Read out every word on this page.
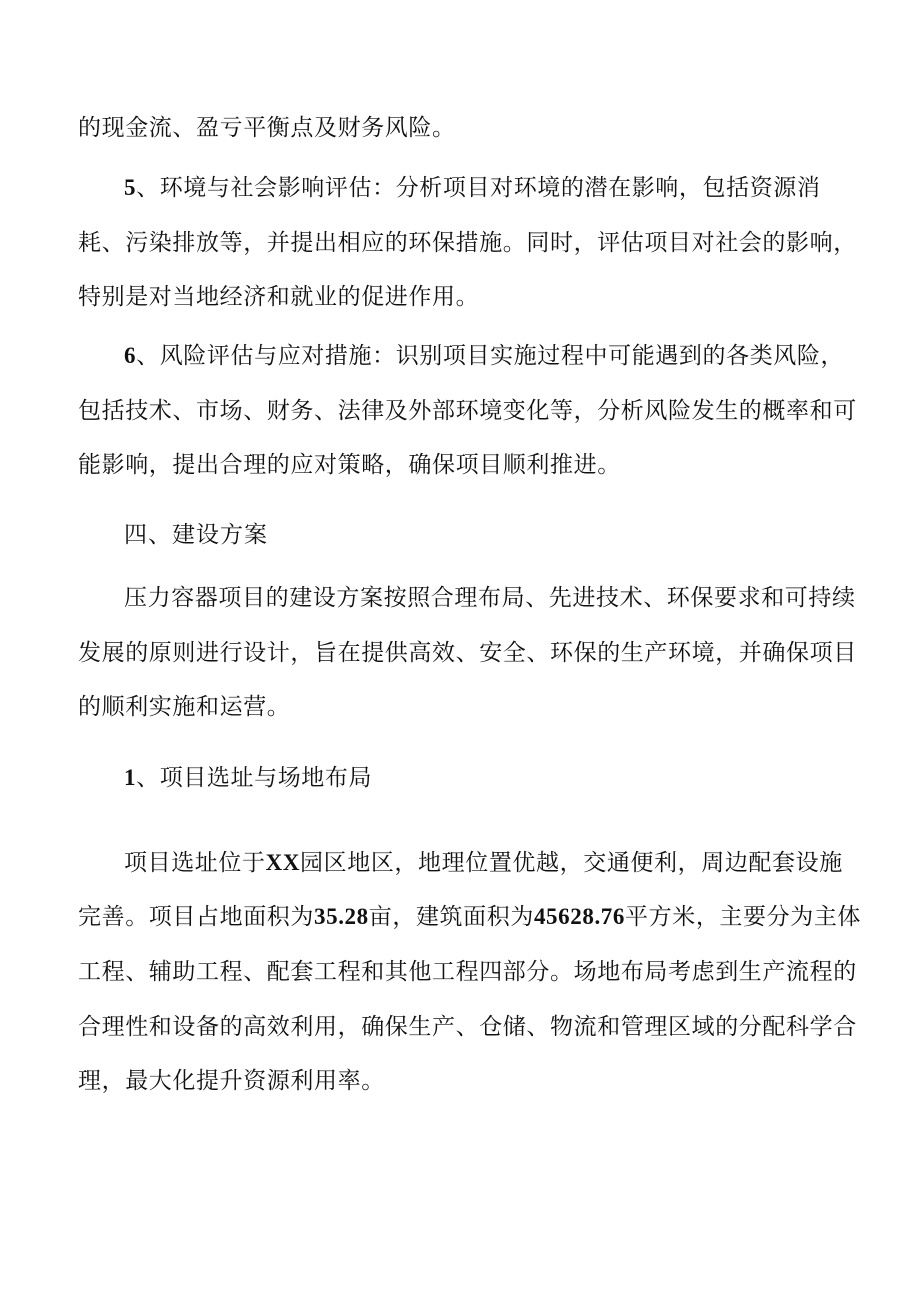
的现金流、盈亏平衡点及财务风险。
5、环境与社会影响评估：分析项目对环境的潜在影响，包括资源消
耗、污染排放等，并提出相应的环保措施。同时，评估项目对社会的影响，
特别是对当地经济和就业的促进作用。
6、风险评估与应对措施：识别项目实施过程中可能遇到的各类风险，
包括技术、市场、财务、法律及外部环境变化等，分析风险发生的概率和可
能影响，提出合理的应对策略，确保项目顺利推进。
四、建设方案
压力容器项目的建设方案按照合理布局、先进技术、环保要求和可持续
发展的原则进行设计，旨在提供高效、安全、环保的生产环境，并确保项目
的顺利实施和运营。
1、项目选址与场地布局
项目选址位于XX园区地区，地理位置优越，交通便利，周边配套设施
完善。项目占地面积为35.28亩，建筑面积为45628.76平方米，主要分为主体
工程、辅助工程、配套工程和其他工程四部分。场地布局考虑到生产流程的
合理性和设备的高效利用，确保生产、仓储、物流和管理区域的分配科学合
理，最大化提升资源利用率。
